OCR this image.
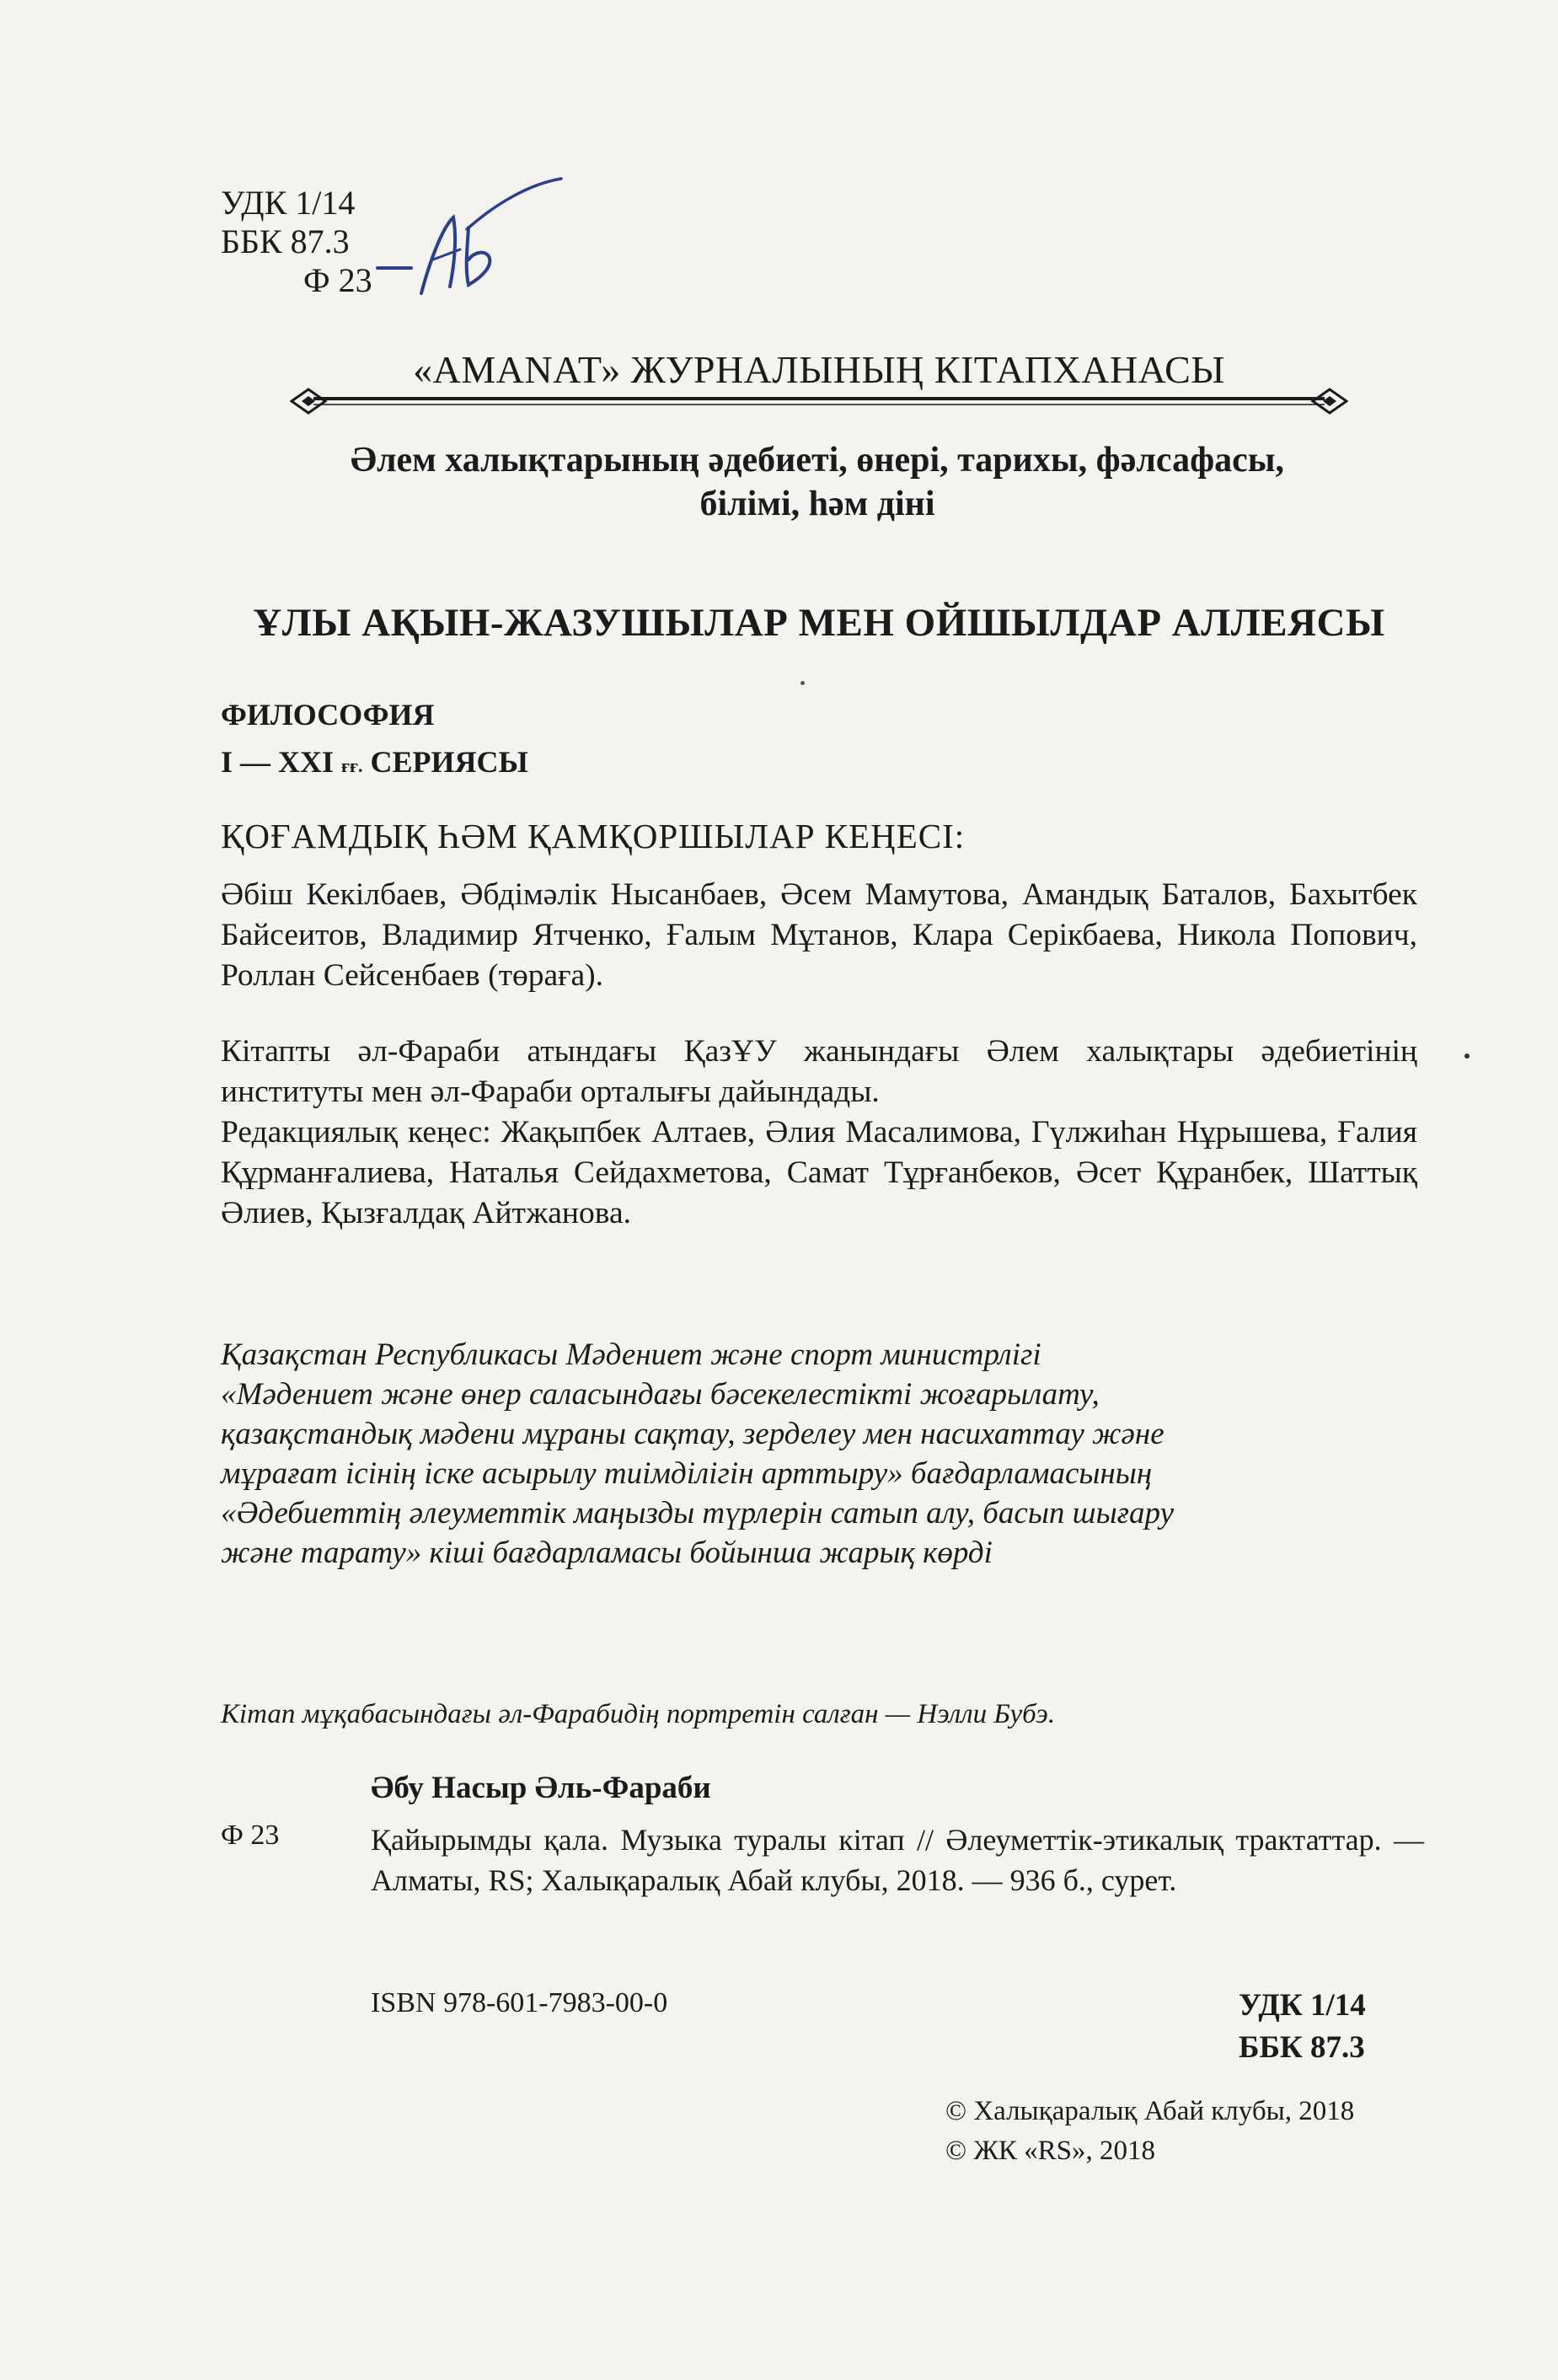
УДК 1/14
ББК 87.3
Ф 23
«АМАNАТ» ЖУРНАЛЫНЫҢ КІТАПХАНАСЫ
Әлем халықтарының әдебиеті, өнері, тарихы, фәлсафасы,
білімі, һәм діні
ҰЛЫ АҚЫН-ЖАЗУШЫЛАР МЕН ОЙШЫЛДАР АЛЛЕЯСЫ
ФИЛОСОФИЯ
І — XXI ғғ. СЕРИЯСЫ
ҚОҒАМДЫҚ ҺӘМ ҚАМҚОРШЫЛАР КЕҢЕСІ:
Әбіш Кекілбаев, Әбдімәлік Нысанбаев, Әсем Мамутова, Амандық Баталов, Бахытбек Байсеитов, Владимир Ятченко, Ғалым Мұтанов, Клара Серікбаева, Никола Попович, Роллан Сейсенбаев (төраға).
Кітапты әл-Фараби атындағы ҚазҰУ жанындағы Әлем халықтары әдебиетінің институты мен әл-Фараби орталығы дайындады.
Редакциялық кеңес: Жақыпбек Алтаев, Әлия Масалимова, Гүлжиһан Нұрышева, Ғалия Құрманғалиева, Наталья Сейдахметова, Самат Тұрғанбеков, Әсет Құранбек, Шаттық Әлиев, Қызғалдақ Айтжанова.
Қазақстан Республикасы Мәдениет және спорт министрлігі
«Мәдениет және өнер саласындағы бәсекелестікті жоғарылату,
қазақстандық мәдени мұраны сақтау, зерделеу мен насихаттау және
мұрағат ісінің іске асырылу тиімділігін арттыру» бағдарламасының
«Әдебиеттің әлеуметтік маңызды түрлерін сатып алу, басып шығару
және тарату» кіші бағдарламасы бойынша жарық көрді
Кітап мұқабасындағы әл-Фарабидің портретін салған — Нэлли Бубэ.
Әбу Насыр Әль-Фараби
Ф 23	Қайырымды қала. Музыка туралы кітап // Әлеуметтік-этикалық трактаттар. — Алматы, RS; Халықаралық Абай клубы, 2018. — 936 б., сурет.
ISBN 978-601-7983-00-0	УДК 1/14
ББК 87.3
© Халықаралық Абай клубы, 2018
© ЖК «RS», 2018
